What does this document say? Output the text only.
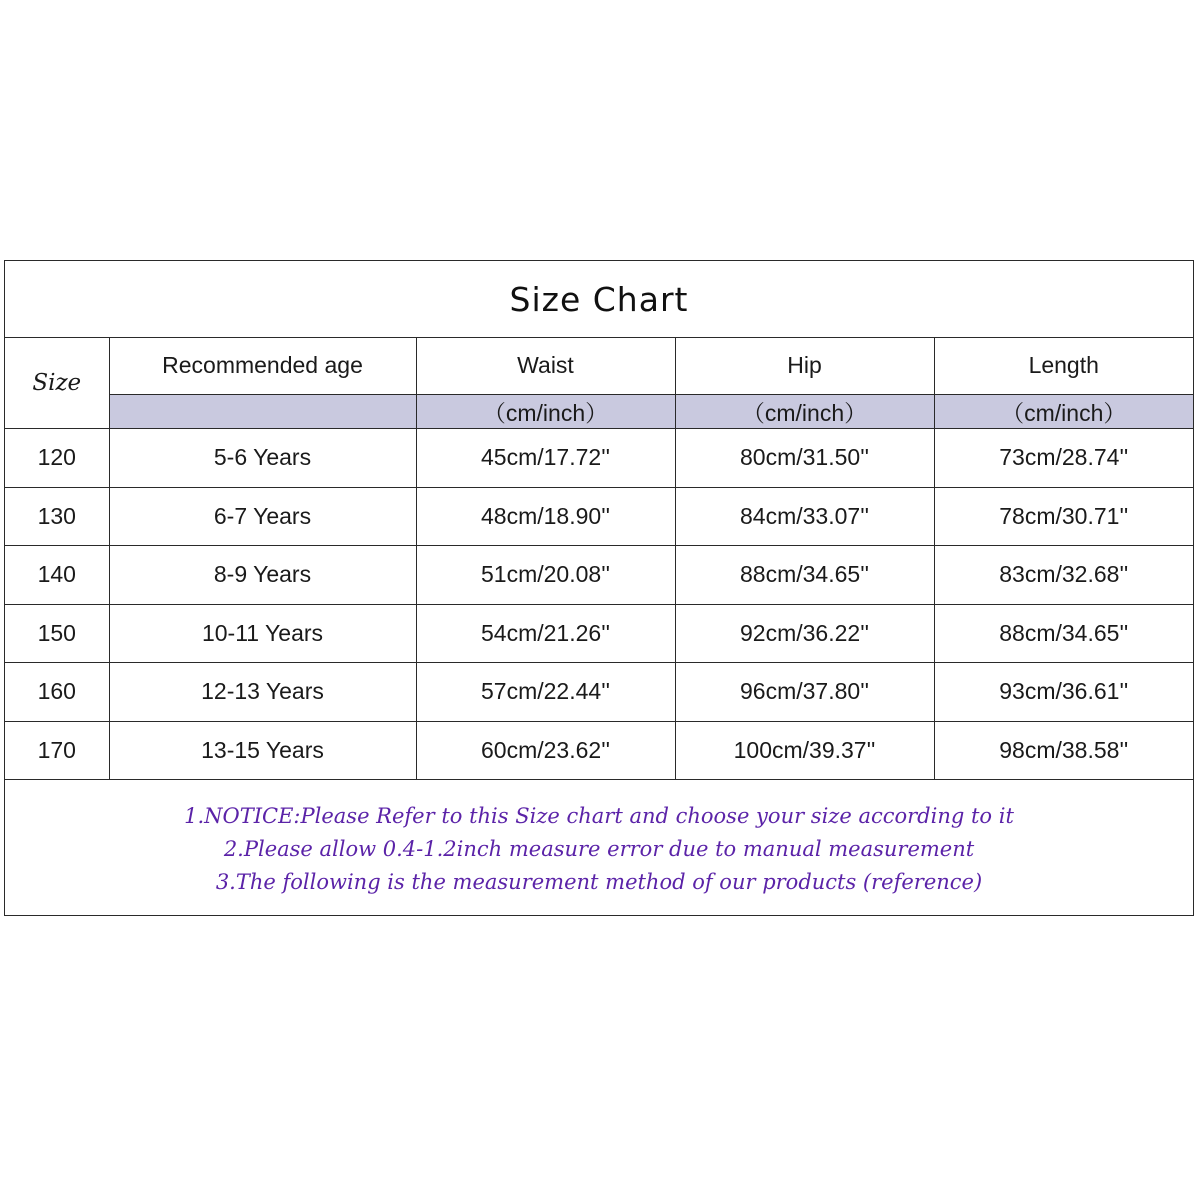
Size Chart
Size	Recommended age	Waist	Hip	Length
		（cm/inch）	（cm/inch）	（cm/inch）
120	5-6 Years	45cm/17.72''	80cm/31.50''	73cm/28.74''
130	6-7 Years	48cm/18.90''	84cm/33.07''	78cm/30.71''
140	8-9 Years	51cm/20.08''	88cm/34.65''	83cm/32.68''
150	10-11 Years	54cm/21.26''	92cm/36.22''	88cm/34.65''
160	12-13 Years	57cm/22.44''	96cm/37.80''	93cm/36.61''
170	13-15 Years	60cm/23.62''	100cm/39.37''	98cm/38.58''
1.NOTICE:Please Refer to this Size chart and choose your size according to it
2.Please allow 0.4-1.2inch measure error due to manual measurement
3.The following is the measurement method of our products (reference)
